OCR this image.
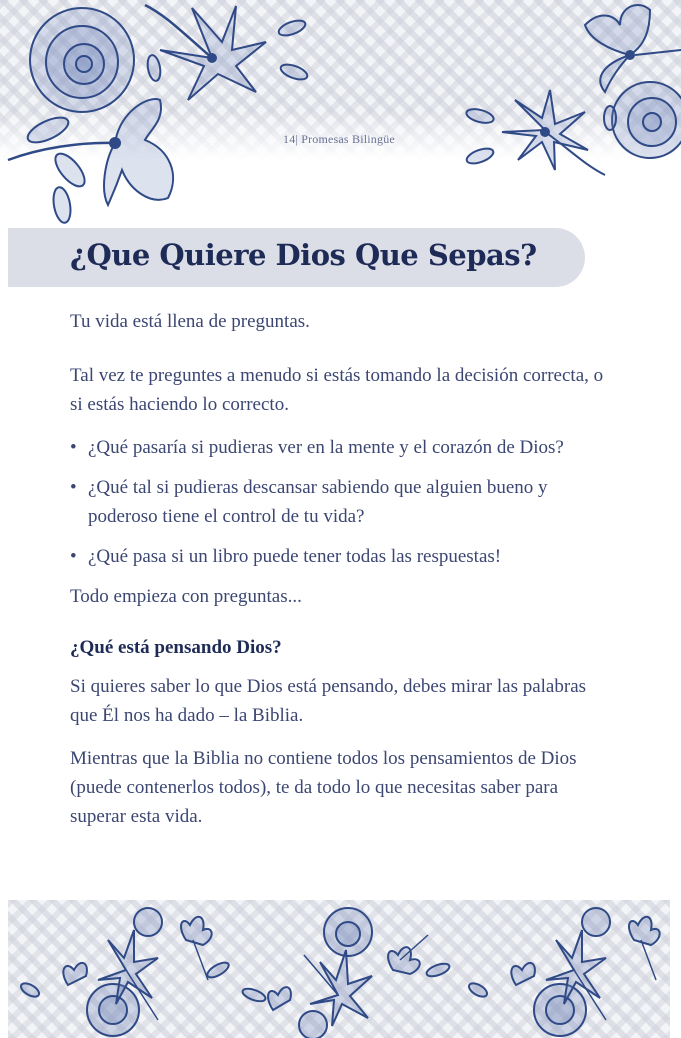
14| Promesas Bilingüe
¿Que Quiere Dios Que Sepas?

Tu vida está llena de preguntas.

Tal vez te preguntes a menudo si estás tomando la decisión correcta, o si estás haciendo lo correcto.

• ¿Qué pasaría si pudieras ver en la mente y el corazón de Dios?
• ¿Qué tal si pudieras descansar sabiendo que alguien bueno y poderoso tiene el control de tu vida?
• ¿Qué pasa si un libro puede tener todas las respuestas!

Todo empieza con preguntas...

¿Qué está pensando Dios?

Si quieres saber lo que Dios está pensando, debes mirar las palabras que Él nos ha dado – la Biblia.

Mientras que la Biblia no contiene todos los pensamientos de Dios (puede contenerlos todos), te da todo lo que necesitas saber para superar esta vida.
